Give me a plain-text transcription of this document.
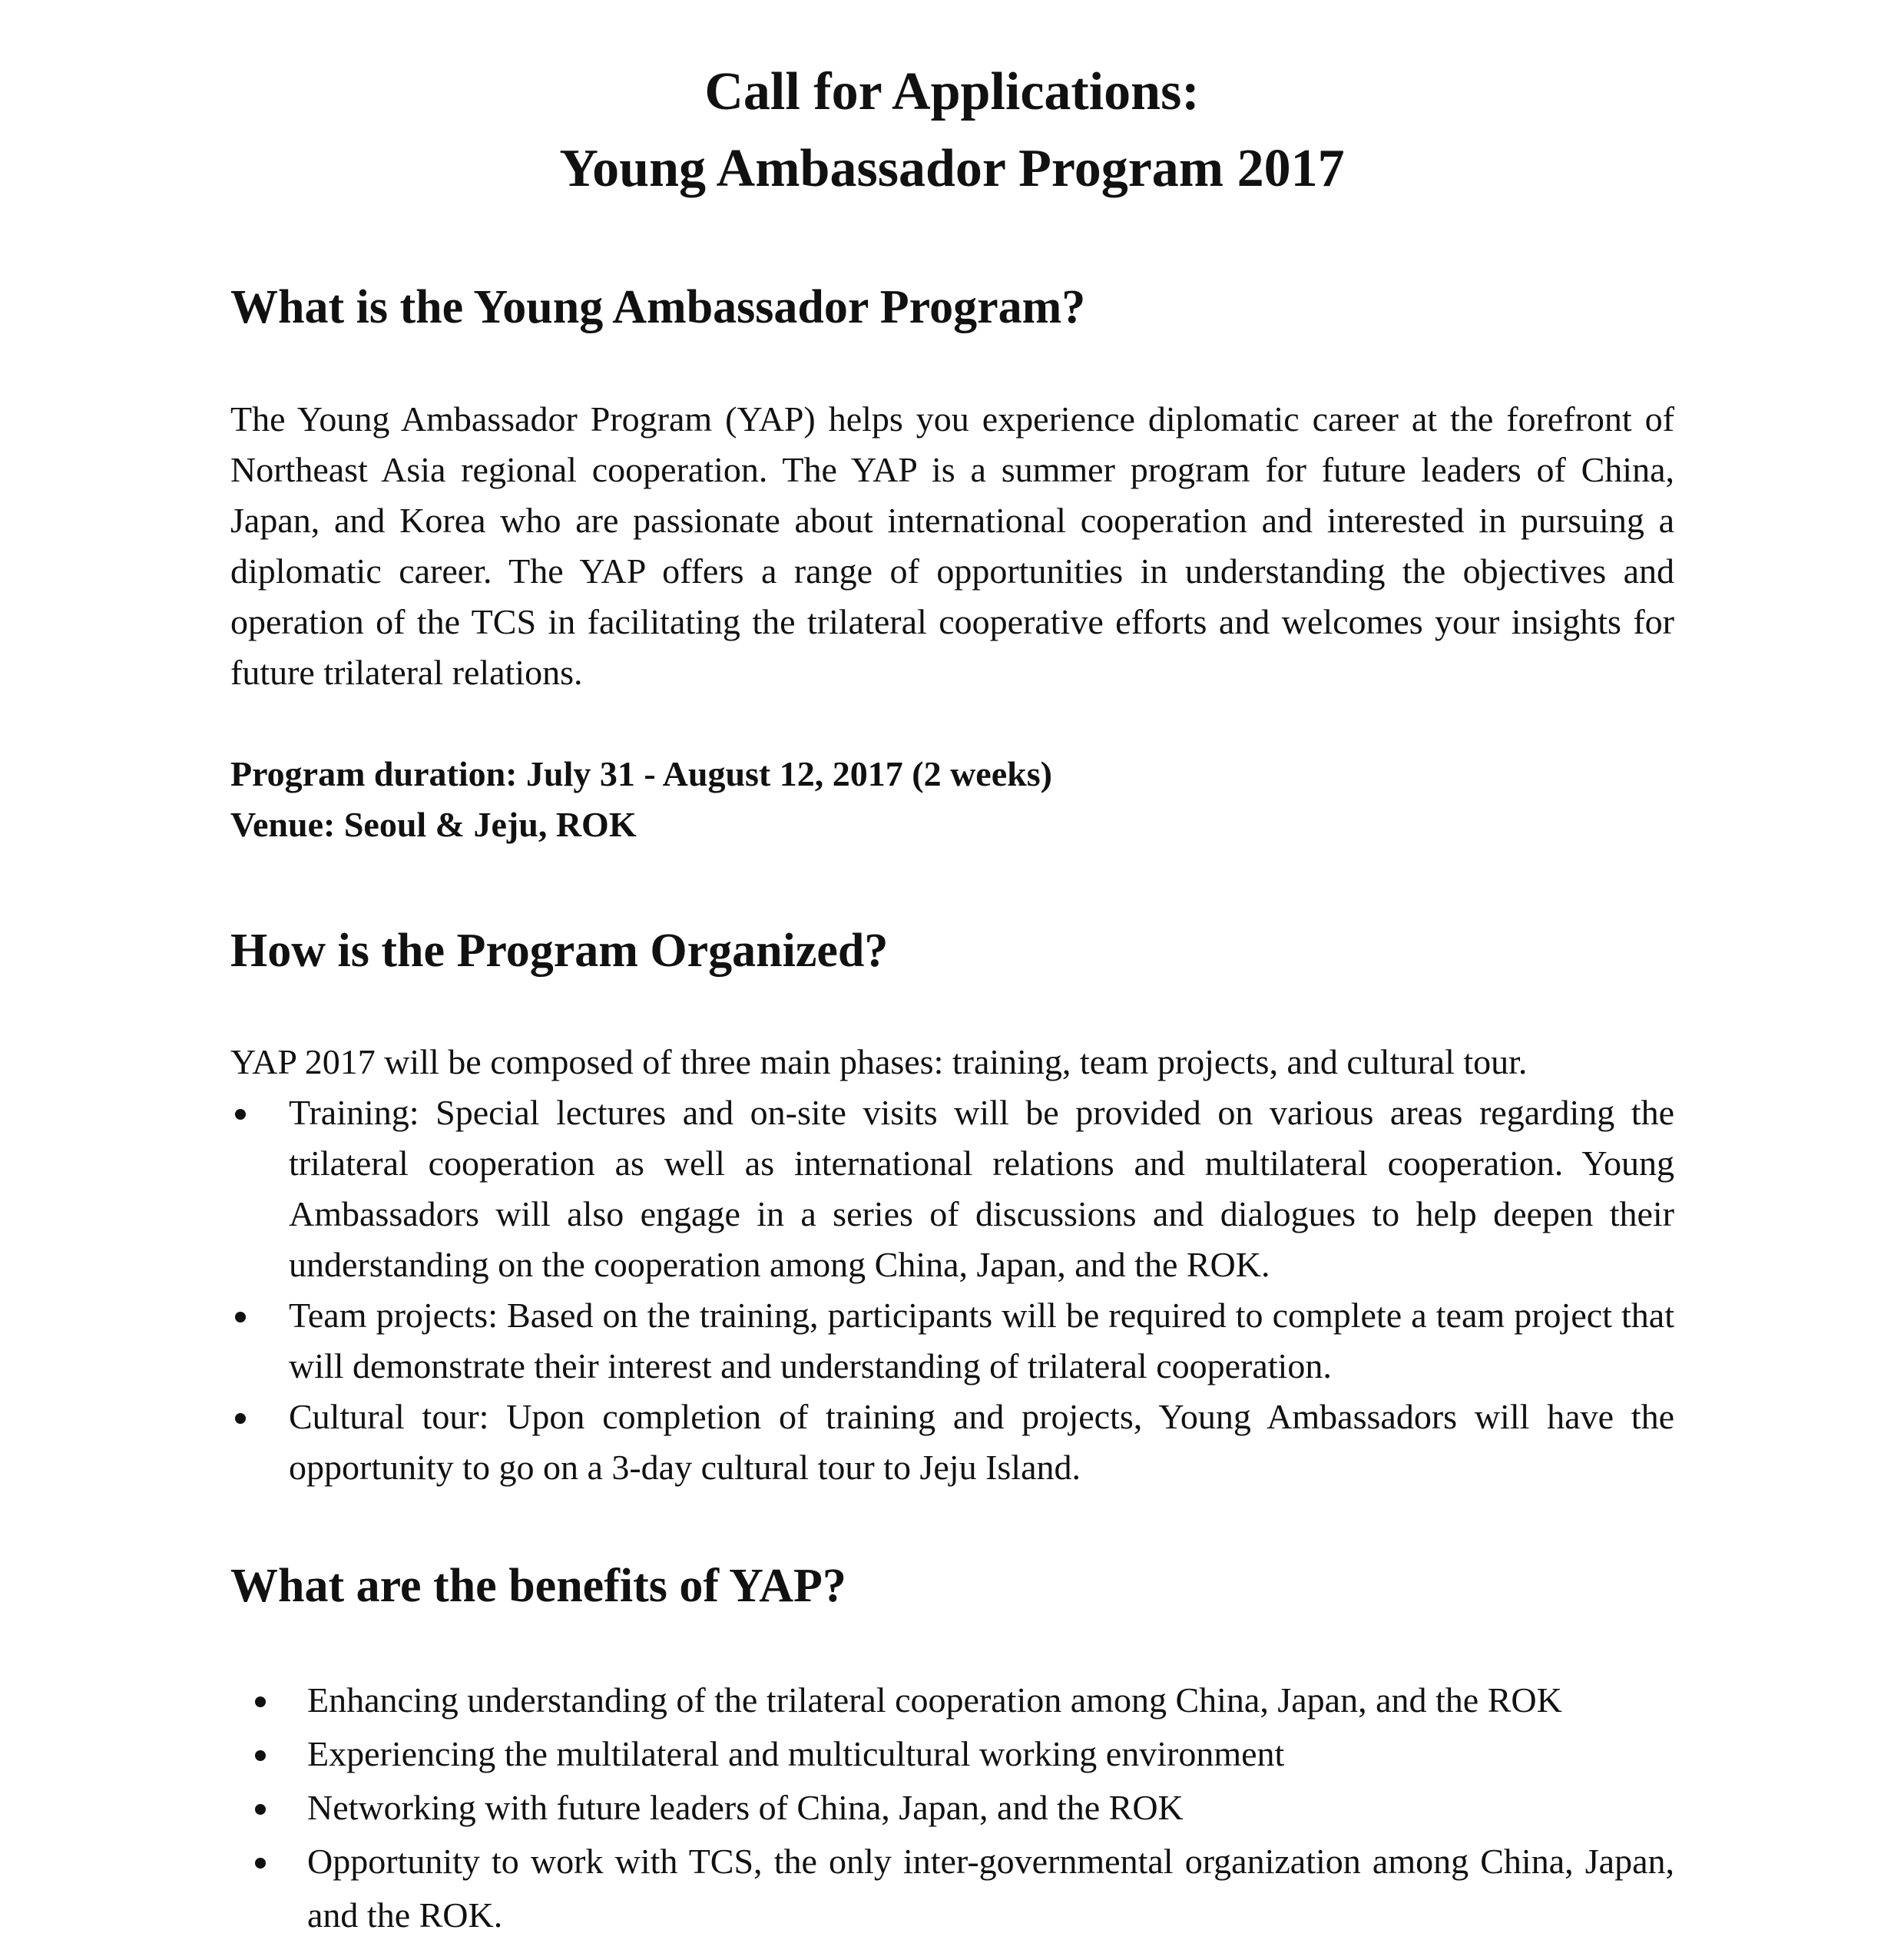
Call for Applications:
Young Ambassador Program 2017
What is the Young Ambassador Program?

The Young Ambassador Program (YAP) helps you experience diplomatic career at the forefront of Northeast Asia regional cooperation. The YAP is a summer program for future leaders of China, Japan, and Korea who are passionate about international cooperation and interested in pursuing a diplomatic career. The YAP offers a range of opportunities in understanding the objectives and operation of the TCS in facilitating the trilateral cooperative efforts and welcomes your insights for future trilateral relations.

Program duration: July 31 - August 12, 2017 (2 weeks)

Venue: Seoul & Jeju, ROK

How is the Program Organized?

YAP 2017 will be composed of three main phases: training, team projects, and cultural tour.

Training: Special lectures and on-site visits will be provided on various areas regarding the trilateral cooperation as well as international relations and multilateral cooperation. Young Ambassadors will also engage in a series of discussions and dialogues to help deepen their understanding on the cooperation among China, Japan, and the ROK.
Team projects: Based on the training, participants will be required to complete a team project that will demonstrate their interest and understanding of trilateral cooperation.
Cultural tour: Upon completion of training and projects, Young Ambassadors will have the opportunity to go on a 3-day cultural tour to Jeju Island.
What are the benefits of YAP?
Enhancing understanding of the trilateral cooperation among China, Japan, and the ROK
Experiencing the multilateral and multicultural working environment
Networking with future leaders of China, Japan, and the ROK
Opportunity to work with TCS, the only inter-governmental organization among China, Japan, and the ROK.
